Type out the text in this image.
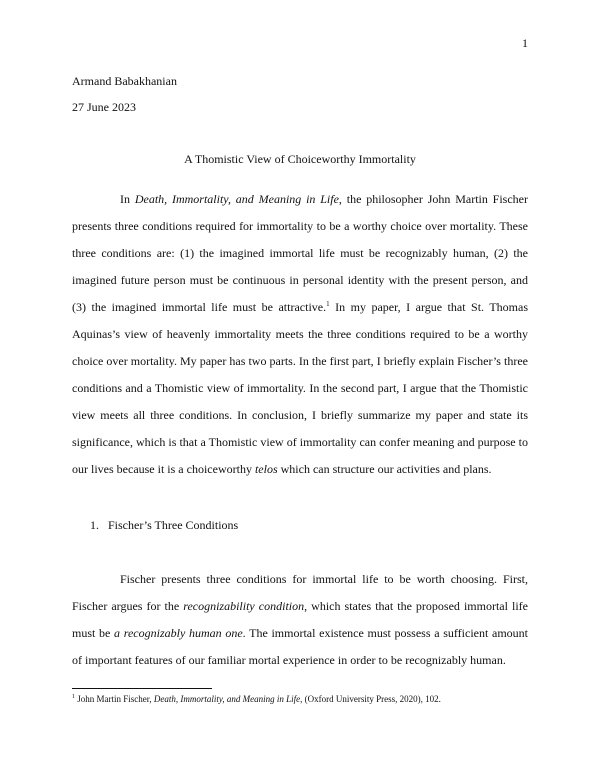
1
Armand Babakhanian
27 June 2023
A Thomistic View of Choiceworthy Immortality

In Death, Immortality, and Meaning in Life, the philosopher John Martin Fischer presents three conditions required for immortality to be a worthy choice over mortality. These three conditions are: (1) the imagined immortal life must be recognizably human, (2) the imagined future person must be continuous in personal identity with the present person, and (3) the imagined immortal life must be attractive.$^1$ In my paper, I argue that St. Thomas Aquinas’s view of heavenly immortality meets the three conditions required to be a worthy choice over mortality. My paper has two parts. In the first part, I briefly explain Fischer’s three conditions and a Thomistic view of immortality. In the second part, I argue that the Thomistic view meets all three conditions. In conclusion, I briefly summarize my paper and state its significance, which is that a Thomistic view of immortality can confer meaning and purpose to our lives because it is a choiceworthy telos which can structure our activities and plans.

1. Fischer’s Three Conditions

Fischer presents three conditions for immortal life to be worth choosing. First, Fischer argues for the recognizability condition, which states that the proposed immortal life must be a recognizably human one. The immortal existence must possess a sufficient amount of important features of our familiar mortal experience in order to be recognizably human.

$^1$ John Martin Fischer, Death, Immortality, and Meaning in Life, (Oxford University Press, 2020), 102.
